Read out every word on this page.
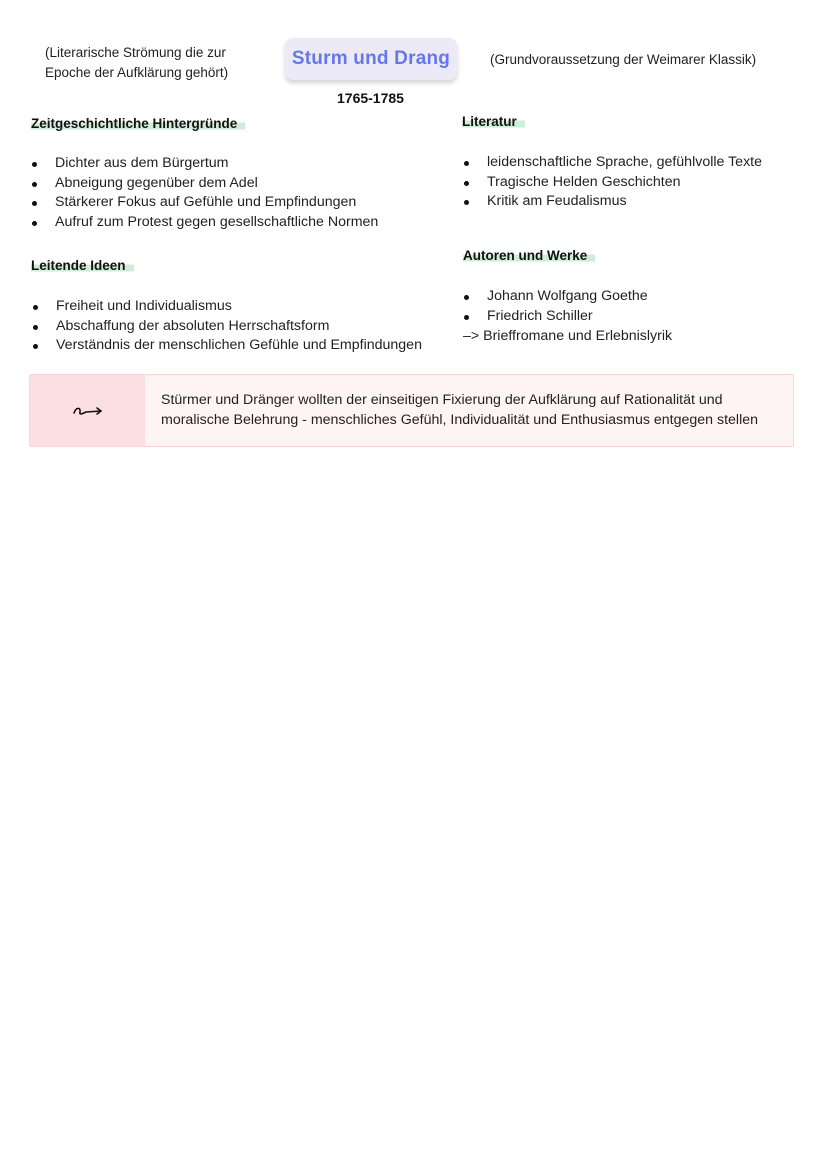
(Literarische Strömung die zur
Epoche der Aufklärung gehört)
Sturm und Drang	(Grundvoraussetzung der Weimarer Klassik)
1765-1785
Zeitgeschichtliche Hintergründe
Dichter aus dem Bürgertum
Abneigung gegenüber dem Adel
Stärkerer Fokus auf Gefühle und Empfindungen
Aufruf zum Protest gegen gesellschaftliche Normen
Leitende Ideen
Freiheit und Individualismus
Abschaffung der absoluten Herrschaftsform
Verständnis der menschlichen Gefühle und Empfindungen
Literatur
leidenschaftliche Sprache, gefühlvolle Texte
Tragische Helden Geschichten
Kritik am Feudalismus
Autoren und Werke
Johann Wolfgang Goethe
Friedrich Schiller
–> Brieffromane und Erlebnislyrik
Stürmer und Dränger wollten der einseitigen Fixierung der Aufklärung auf Rationalität und
moralische Belehrung - menschliches Gefühl, Individualität und Enthusiasmus entgegen stellen
